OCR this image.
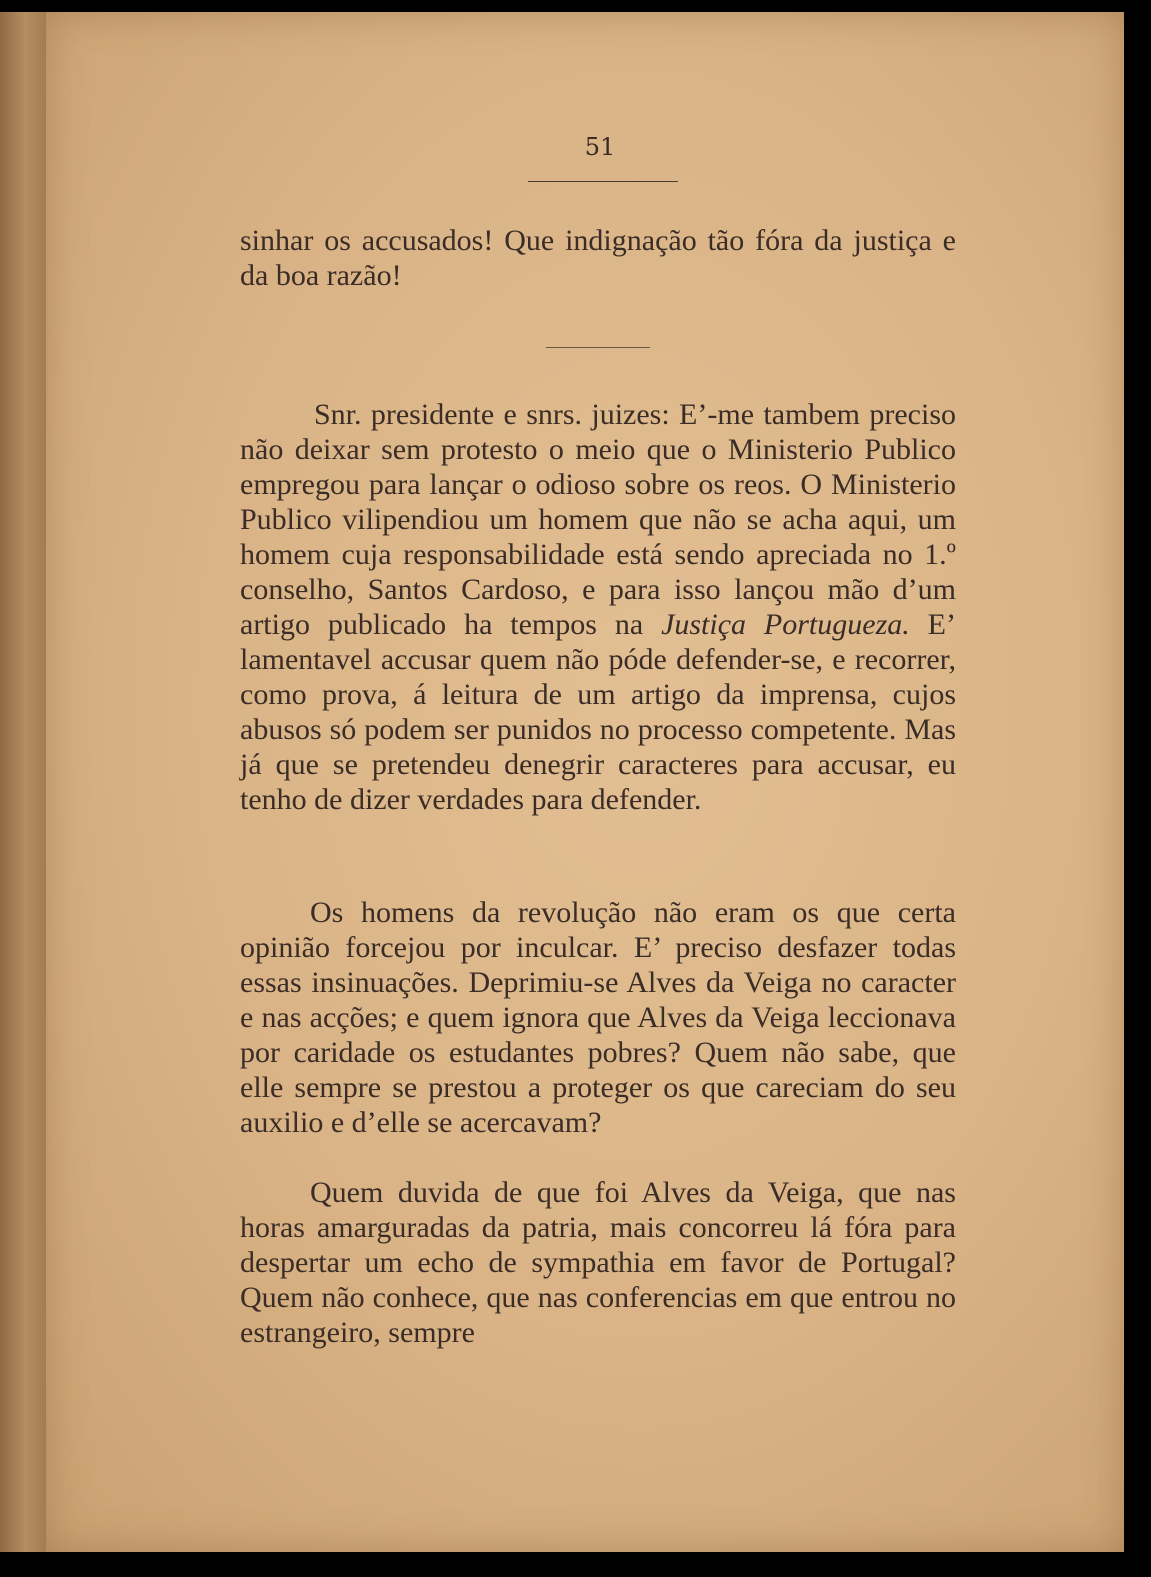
51

sinhar os accusados! Que indignação tão fóra da justiça e da boa razão!

Snr. presidente e snrs. juizes: E’-me tambem preciso não deixar sem protesto o meio que o Ministerio Publico empregou para lançar o odioso sobre os reos. O Ministerio Publico vilipendiou um homem que não se acha aqui, um homem cuja responsabilidade está sendo apreciada no 1.º conselho, Santos Cardoso, e para isso lançou mão d’um artigo publicado ha tempos na Justiça Portugueza. E’ lamentavel accusar quem não póde defender-se, e recorrer, como prova, á leitura de um artigo da imprensa, cujos abusos só podem ser punidos no processo competente. Mas já que se pretendeu denegrir caracteres para accusar, eu tenho de dizer verdades para defender.

Os homens da revolução não eram os que certa opinião forcejou por inculcar. E’ preciso desfazer todas essas insinuações. Deprimiu-se Alves da Veiga no caracter e nas acções; e quem ignora que Alves da Veiga leccionava por caridade os estudantes pobres? Quem não sabe, que elle sempre se prestou a proteger os que careciam do seu auxilio e d’elle se acercavam?

Quem duvida de que foi Alves da Veiga, que nas horas amarguradas da patria, mais concorreu lá fóra para despertar um echo de sympathia em favor de Portugal? Quem não conhece, que nas conferencias em que entrou no estrangeiro, sempre
